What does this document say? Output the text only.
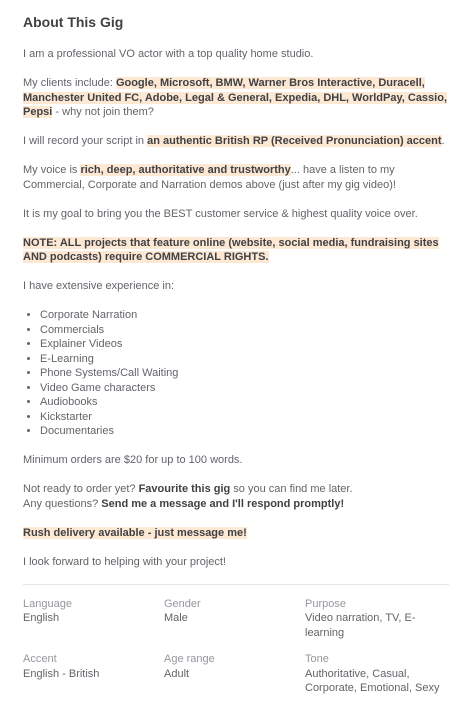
About This Gig

I am a professional VO actor with a top quality home studio.

My clients include: Google, Microsoft, BMW, Warner Bros Interactive, Duracell, Manchester United FC, Adobe, Legal & General, Expedia, DHL, WorldPay, Cassio, Pepsi - why not join them?

I will record your script in an authentic British RP (Received Pronunciation) accent.

My voice is rich, deep, authoritative and trustworthy... have a listen to my Commercial, Corporate and Narration demos above (just after my gig video)!

It is my goal to bring you the BEST customer service & highest quality voice over.

NOTE: ALL projects that feature online (website, social media, fundraising sites AND podcasts) require COMMERCIAL RIGHTS.

I have extensive experience in:

• Corporate Narration
• Commercials
• Explainer Videos
• E-Learning
• Phone Systems/Call Waiting
• Video Game characters
• Audiobooks
• Kickstarter
• Documentaries

Minimum orders are $20 for up to 100 words.

Not ready to order yet? Favourite this gig so you can find me later.
Any questions? Send me a message and I'll respond promptly!

Rush delivery available - just message me!

I look forward to helping with your project!

Language
English
Gender
Male
Purpose
Video narration, TV, E-learning
Accent
English - British
Age range
Adult
Tone
Authoritative, Casual, Corporate, Emotional, Sexy
